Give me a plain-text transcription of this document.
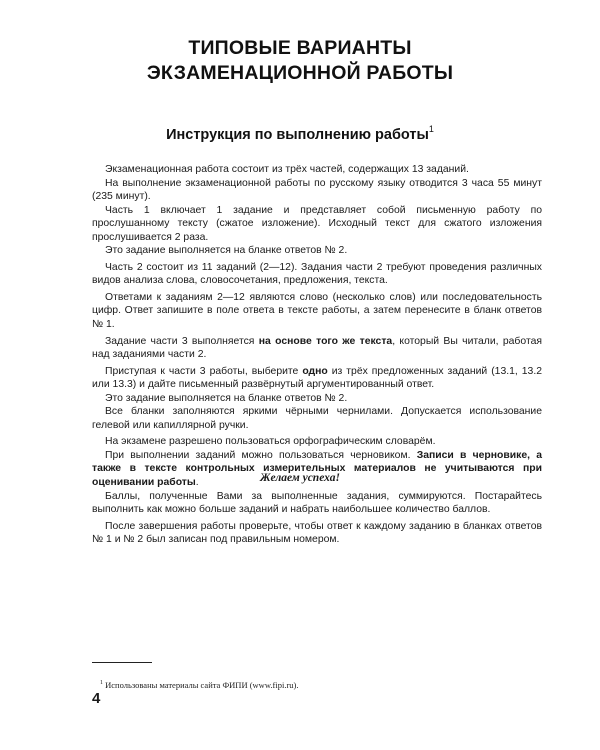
ТИПОВЫЕ ВАРИАНТЫ
ЭКЗАМЕНАЦИОННОЙ РАБОТЫ
Инструкция по выполнению работы$^1$

Экзаменационная работа состоит из трёх частей, содержащих 13 заданий.

На выполнение экзаменационной работы по русскому языку отводится 3 часа 55 минут (235 минут).

Часть 1 включает 1 задание и представляет собой письменную работу по прослушанному тексту (сжатое изложение). Исходный текст для сжатого изложения прослушивается 2 раза.

Это задание выполняется на бланке ответов № 2.

Часть 2 состоит из 11 заданий (2—12). Задания части 2 требуют проведения различных видов анализа слова, словосочетания, предложения, текста.

Ответами к заданиям 2—12 являются слово (несколько слов) или последовательность цифр. Ответ запишите в поле ответа в тексте работы, а затем перенесите в бланк ответов № 1.

Задание части 3 выполняется на основе того же текста, который Вы читали, работая над заданиями части 2.

Приступая к части 3 работы, выберите одно из трёх предложенных заданий (13.1, 13.2 или 13.3) и дайте письменный развёрнутый аргументированный ответ.

Это задание выполняется на бланке ответов № 2.

Все бланки заполняются яркими чёрными чернилами. Допускается использование гелевой или капиллярной ручки.

На экзамене разрешено пользоваться орфографическим словарём.

При выполнении заданий можно пользоваться черновиком. Записи в черновике, а также в тексте контрольных измерительных материалов не учитываются при оценивании работы.

Баллы, полученные Вами за выполненные задания, суммируются. Постарайтесь выполнить как можно больше заданий и набрать наибольшее количество баллов.

После завершения работы проверьте, чтобы ответ к каждому заданию в бланках ответов № 1 и № 2 был записан под правильным номером.

Желаем успеха!
$^1$ Использованы материалы сайта ФИПИ (www.fipi.ru).
4
